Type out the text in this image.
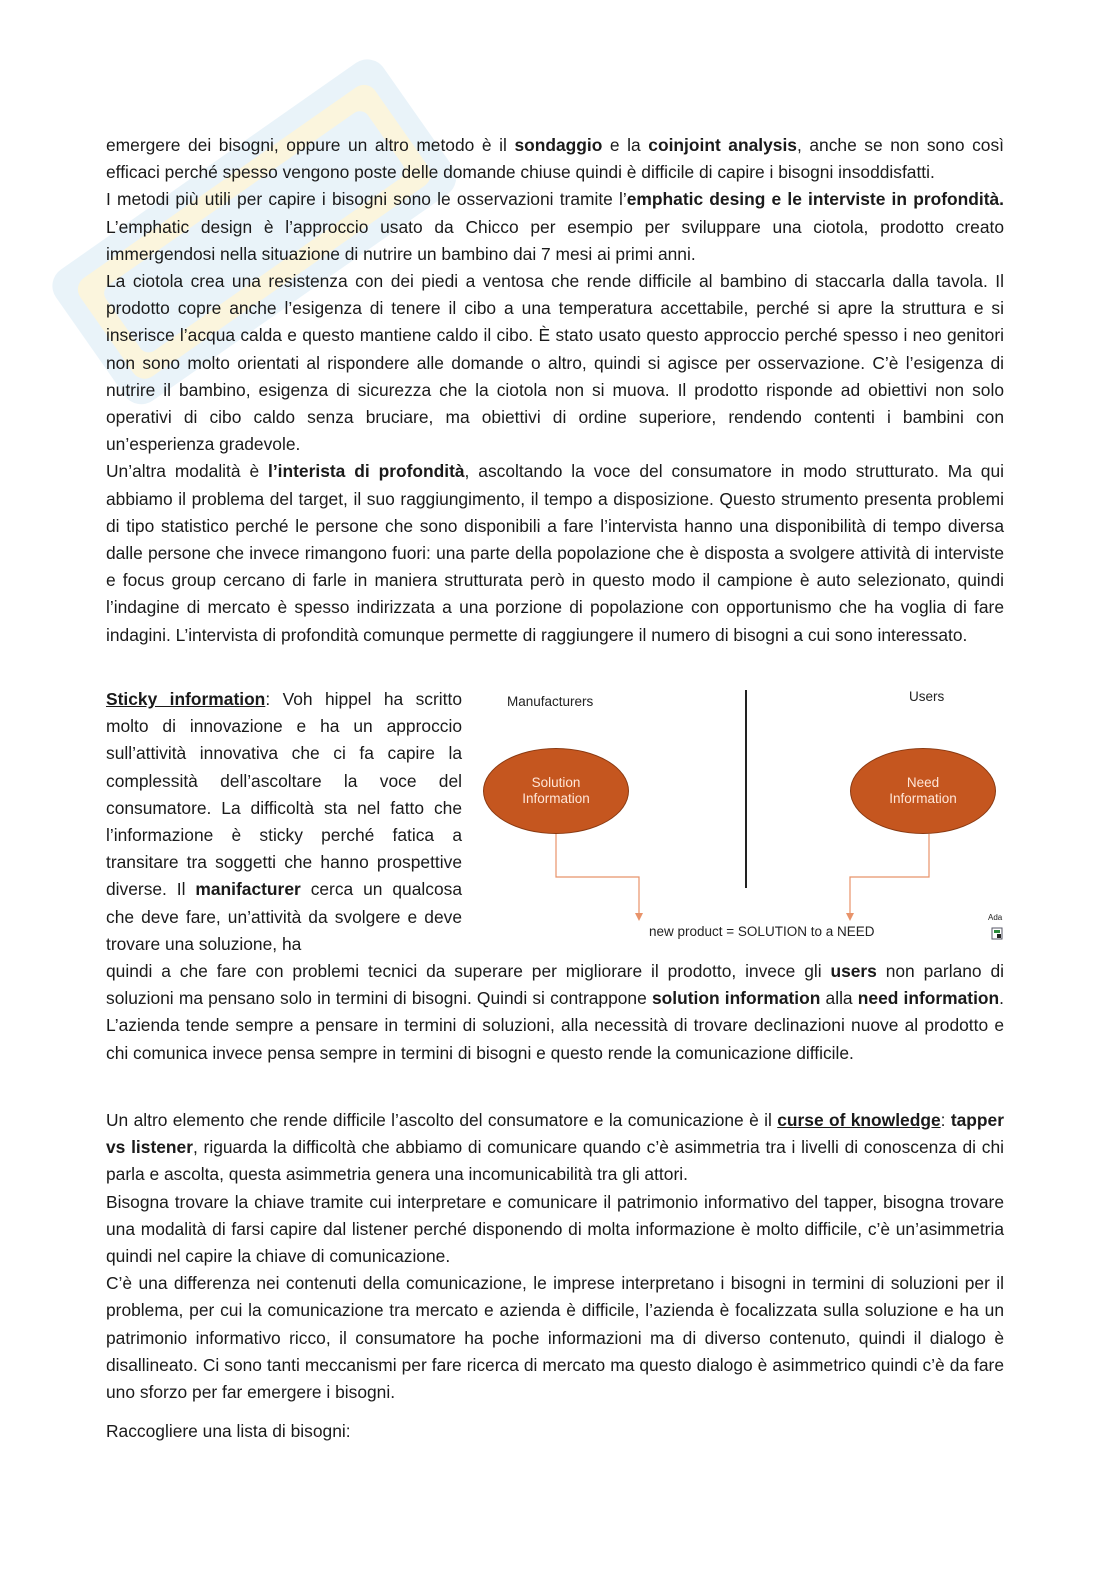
emergere dei bisogni, oppure un altro metodo è il sondaggio e la coinjoint analysis, anche se non sono così efficaci perché spesso vengono poste delle domande chiuse quindi è difficile di capire i bisogni insoddisfatti.

I metodi più utili per capire i bisogni sono le osservazioni tramite l’emphatic desing e le interviste in profondità. L’emphatic design è l’approccio usato da Chicco per esempio per sviluppare una ciotola, prodotto creato immergendosi nella situazione di nutrire un bambino dai 7 mesi ai primi anni.

La ciotola crea una resistenza con dei piedi a ventosa che rende difficile al bambino di staccarla dalla tavola. Il prodotto copre anche l’esigenza di tenere il cibo a una temperatura accettabile, perché si apre la struttura e si inserisce l’acqua calda e questo mantiene caldo il cibo. È stato usato questo approccio perché spesso i neo genitori non sono molto orientati al rispondere alle domande o altro, quindi si agisce per osservazione. C’è l’esigenza di nutrire il bambino, esigenza di sicurezza che la ciotola non si muova. Il prodotto risponde ad obiettivi non solo operativi di cibo caldo senza bruciare, ma obiettivi di ordine superiore, rendendo contenti i bambini con un’esperienza gradevole.

Un’altra modalità è l’interista di profondità, ascoltando la voce del consumatore in modo strutturato. Ma qui abbiamo il problema del target, il suo raggiungimento, il tempo a disposizione. Questo strumento presenta problemi di tipo statistico perché le persone che sono disponibili a fare l’intervista hanno una disponibilità di tempo diversa dalle persone che invece rimangono fuori: una parte della popolazione che è disposta a svolgere attività di interviste e focus group cercano di farle in maniera strutturata però in questo modo il campione è auto selezionato, quindi l’indagine di mercato è spesso indirizzata a una porzione di popolazione con opportunismo che ha voglia di fare indagini. L’intervista di profondità comunque permette di raggiungere il numero di bisogni a cui sono interessato.

Sticky information: Voh hippel ha scritto molto di innovazione e ha un approccio sull’attività innovativa che ci fa capire la complessità dell’ascoltare la voce del consumatore. La difficoltà sta nel fatto che l’informazione è sticky perché fatica a transitare tra soggetti che hanno prospettive diverse. Il manifacturer cerca un qualcosa che deve fare, un’attività da svolgere e deve trovare una soluzione, ha
Manufacturers	Users
Solution
Information
Need
Information
new product = SOLUTION to a NEED
Ada

quindi a che fare con problemi tecnici da superare per migliorare il prodotto, invece gli users non parlano di soluzioni ma pensano solo in termini di bisogni. Quindi si contrappone solution information alla need information. L’azienda tende sempre a pensare in termini di soluzioni, alla necessità di trovare declinazioni nuove al prodotto e chi comunica invece pensa sempre in termini di bisogni e questo rende la comunicazione difficile.

Un altro elemento che rende difficile l’ascolto del consumatore e la comunicazione è il curse of knowledge: tapper vs listener, riguarda la difficoltà che abbiamo di comunicare quando c’è asimmetria tra i livelli di conoscenza di chi parla e ascolta, questa asimmetria genera una incomunicabilità tra gli attori.

Bisogna trovare la chiave tramite cui interpretare e comunicare il patrimonio informativo del tapper, bisogna trovare una modalità di farsi capire dal listener perché disponendo di molta informazione è molto difficile, c’è un’asimmetria quindi nel capire la chiave di comunicazione.

C’è una differenza nei contenuti della comunicazione, le imprese interpretano i bisogni in termini di soluzioni per il problema, per cui la comunicazione tra mercato e azienda è difficile, l’azienda è focalizzata sulla soluzione e ha un patrimonio informativo ricco, il consumatore ha poche informazioni ma di diverso contenuto, quindi il dialogo è disallineato. Ci sono tanti meccanismi per fare ricerca di mercato ma questo dialogo è asimmetrico quindi c’è da fare uno sforzo per far emergere i bisogni.

Raccogliere una lista di bisogni:
